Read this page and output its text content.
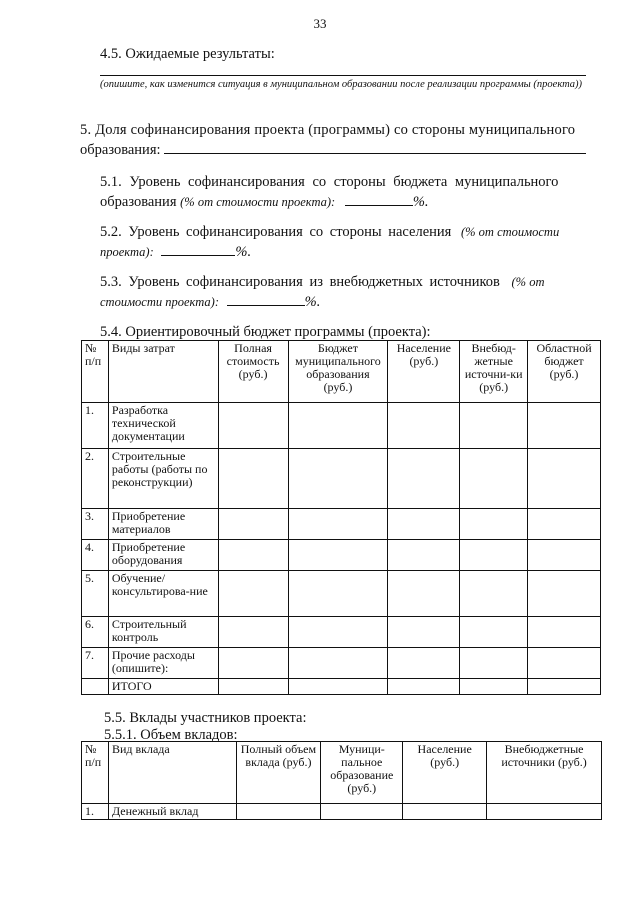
33
4.5. Ожидаемые результаты:
(опишите, как изменится ситуация в муниципальном образовании после реализации программы (проекта))
5. Доля софинансирования проекта (программы) со стороны муниципального
образования:
5.1. Уровень софинансирования со стороны бюджета муниципального
образования (% от стоимости проекта):	%.
5.2. Уровень софинансирования со стороны населения (% от стоимости
проекта):	%.
5.3. Уровень софинансирования из внебюджетных источников (% от
стоимости проекта):	%.
5.4. Ориентировочный бюджет программы (проекта):
№ п/п	Виды затрат	Полная стоимость (руб.)	Бюджет муниципального образования (руб.)	Население (руб.)	Внебюд-жетные источни-ки (руб.)	Областной бюджет (руб.)
1.	Разработка технической документации					
2.	Строительные работы (работы по реконструкции)					
3.	Приобретение материалов					
4.	Приобретение оборудования					
5.	Обучение/ консультирова-ние					
6.	Строительный контроль					
7.	Прочие расходы (опишите):					
	ИТОГО					
5.5. Вклады участников проекта:
5.5.1. Объем вкладов:
№ п/п	Вид вклада	Полный объем вклада (руб.)	Муници-пальное образование (руб.)	Население (руб.)	Внебюджетные источники (руб.)
1.	Денежный вклад				
